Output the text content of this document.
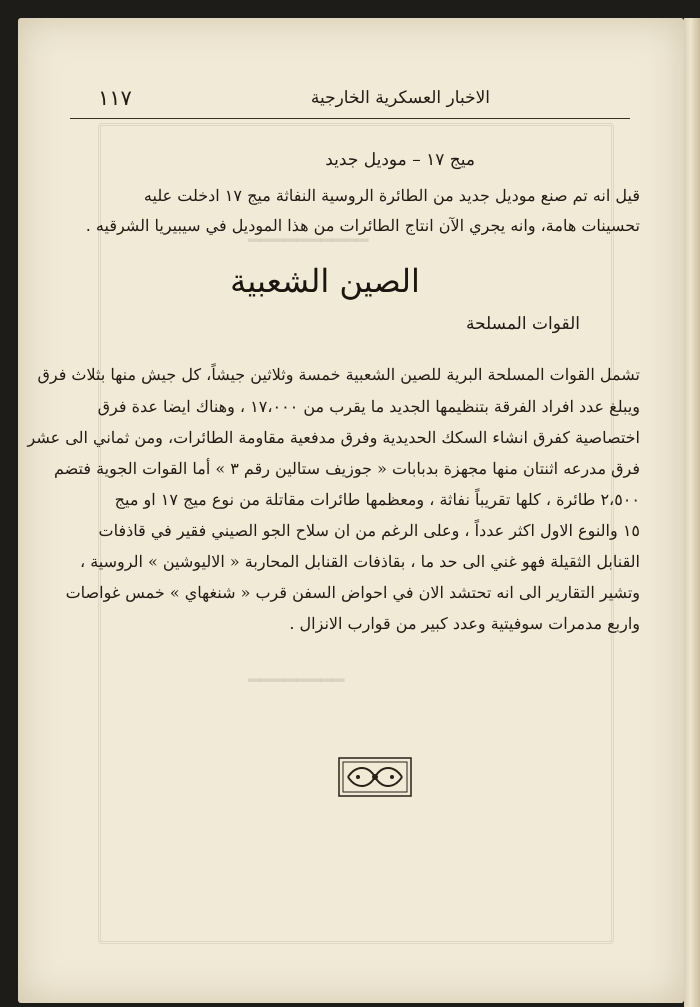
━━━━━━━━━━
━━━━━━━━
الاخبار العسكرية الخارجية
١١٧
ميج ١٧ – موديل جديد
قيل انه تم صنع موديل جديد من الطائرة الروسية النفاثة ميج ١٧ ادخلت عليه
تحسينات هامة، وانه يجري الآن انتاج الطائرات من هذا الموديل في سيبيريا الشرقيه .
الصين الشعبية
القوات المسلحة
تشمل القوات المسلحة البرية للصين الشعبية خمسة وثلاثين جيشاً، كل جيش منها بثلاث فرق
ويبلغ عدد افراد الفرقة بتنظيمها الجديد ما يقرب من ١٧،٠٠٠ ، وهناك ايضا عدة فرق
اختصاصية كفرق انشاء السكك الحديدية وفرق مدفعية مقاومة الطائرات، ومن ثماني الى عشر
فرق مدرعه اثنتان منها مجهزة بدبابات « جوزيف ستالين رقم ٣ » أما القوات الجوية فتضم
٢،٥٠٠ طائرة ، كلها تقريباً نفاثة ، ومعظمها طائرات مقاتلة من نوع ميج ١٧ او ميج
١٥ والنوع الاول اكثر عدداً ، وعلى الرغم من ان سلاح الجو الصيني فقير في قاذفات
القنابل الثقيلة فهو غني الى حد ما ، بقاذفات القنابل المحاربة « الاليوشين » الروسية ،
وتشير التقارير الى انه تحتشد الان في احواض السفن قرب « شنغهاي » خمس غواصات
واربع مدمرات سوفيتية وعدد كبير من قوارب الانزال .
